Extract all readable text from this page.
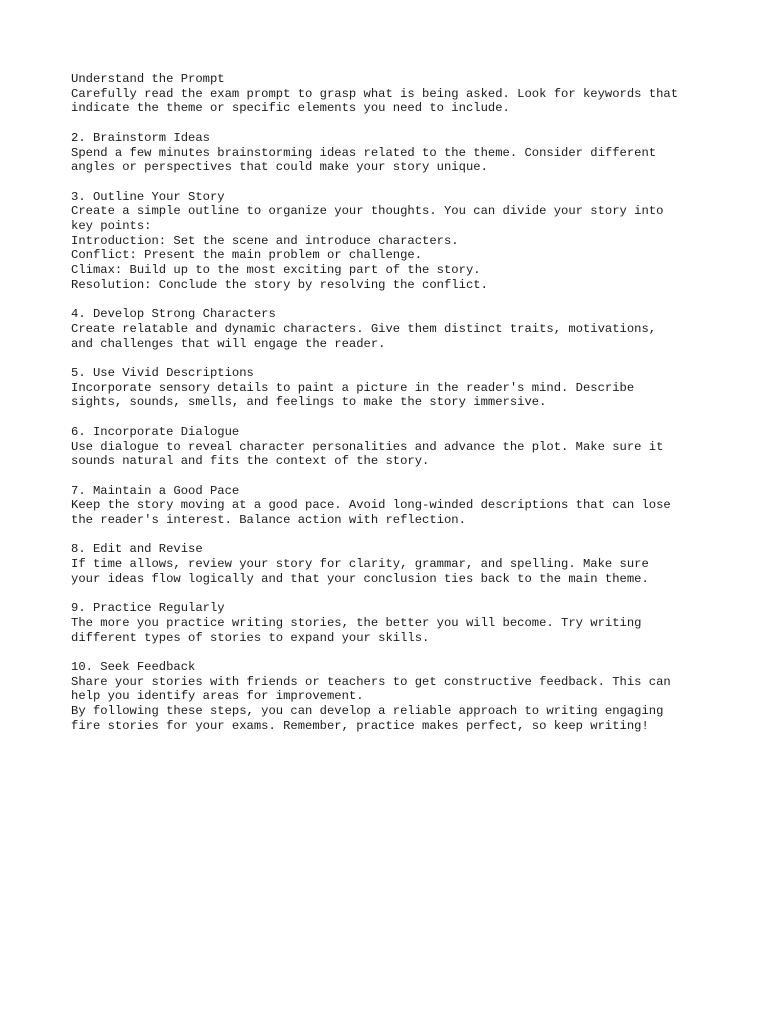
Understand the Prompt
Carefully read the exam prompt to grasp what is being asked. Look for keywords that
indicate the theme or specific elements you need to include.
2. Brainstorm Ideas
Spend a few minutes brainstorming ideas related to the theme. Consider different
angles or perspectives that could make your story unique.
3. Outline Your Story
Create a simple outline to organize your thoughts. You can divide your story into
key points:
Introduction: Set the scene and introduce characters.
Conflict: Present the main problem or challenge.
Climax: Build up to the most exciting part of the story.
Resolution: Conclude the story by resolving the conflict.
4. Develop Strong Characters
Create relatable and dynamic characters. Give them distinct traits, motivations,
and challenges that will engage the reader.
5. Use Vivid Descriptions
Incorporate sensory details to paint a picture in the reader's mind. Describe
sights, sounds, smells, and feelings to make the story immersive.
6. Incorporate Dialogue
Use dialogue to reveal character personalities and advance the plot. Make sure it
sounds natural and fits the context of the story.
7. Maintain a Good Pace
Keep the story moving at a good pace. Avoid long-winded descriptions that can lose
the reader's interest. Balance action with reflection.
8. Edit and Revise
If time allows, review your story for clarity, grammar, and spelling. Make sure
your ideas flow logically and that your conclusion ties back to the main theme.
9. Practice Regularly
The more you practice writing stories, the better you will become. Try writing
different types of stories to expand your skills.
10. Seek Feedback
Share your stories with friends or teachers to get constructive feedback. This can
help you identify areas for improvement.
By following these steps, you can develop a reliable approach to writing engaging
fire stories for your exams. Remember, practice makes perfect, so keep writing!
